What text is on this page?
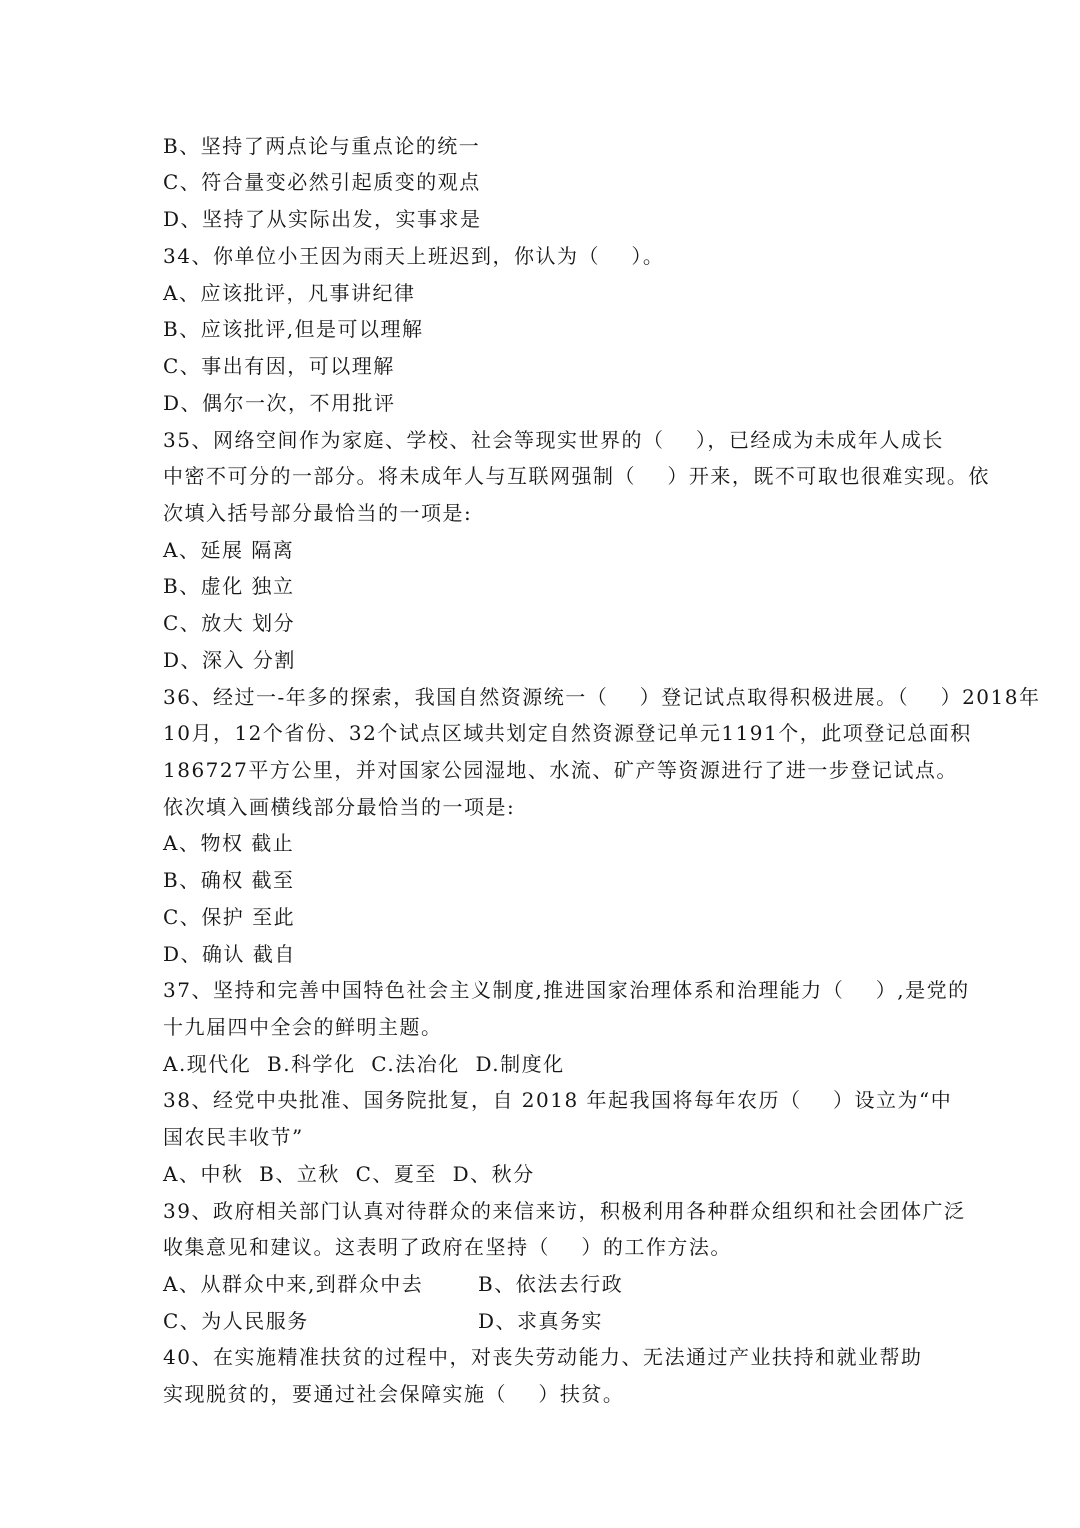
B、坚持了两点论与重点论的统一
C、符合量变必然引起质变的观点
D、坚持了从实际出发，实事求是
34、你单位小王因为雨天上班迟到，你认为（    ）。
A、应该批评，凡事讲纪律
B、应该批评,但是可以理解
C、事出有因，可以理解
D、偶尔一次，不用批评
35、网络空间作为家庭、学校、社会等现实世界的（    ），已经成为未成年人成长
中密不可分的一部分。将未成年人与互联网强制（    ）开来，既不可取也很难实现。依
次填入括号部分最恰当的一项是:
A、延展 隔离
B、虚化 独立
C、放大 划分
D、深入 分割
36、经过一-年多的探索，我国自然资源统一（    ）登记试点取得积极进展。（    ）2018年
10月，12个省份、32个试点区域共划定自然资源登记单元1191个，此项登记总面积
186727平方公里，并对国家公园湿地、水流、矿产等资源进行了进一步登记试点。
依次填入画横线部分最恰当的一项是:
A、物权 截止
B、确权 截至
C、保护 至此
D、确认 截自
37、坚持和完善中国特色社会主义制度,推进国家治理体系和治理能力（    ）,是党的
十九届四中全会的鲜明主题。
A.现代化  B.科学化  C.法冶化  D.制度化
38、经党中央批准、国务院批复，自 2018 年起我国将每年农历（    ）设立为“中
国农民丰收节”
A、中秋  B、立秋  C、夏至  D、秋分
39、政府相关部门认真对待群众的来信来访，积极利用各种群众组织和社会团体广泛
收集意见和建议。这表明了政府在坚持（    ）的工作方法。
A、从群众中来,到群众中去	B、依法去行政
C、为人民服务	D、求真务实
40、在实施精准扶贫的过程中，对丧失劳动能力、无法通过产业扶持和就业帮助
实现脱贫的，要通过社会保障实施（    ）扶贫。
